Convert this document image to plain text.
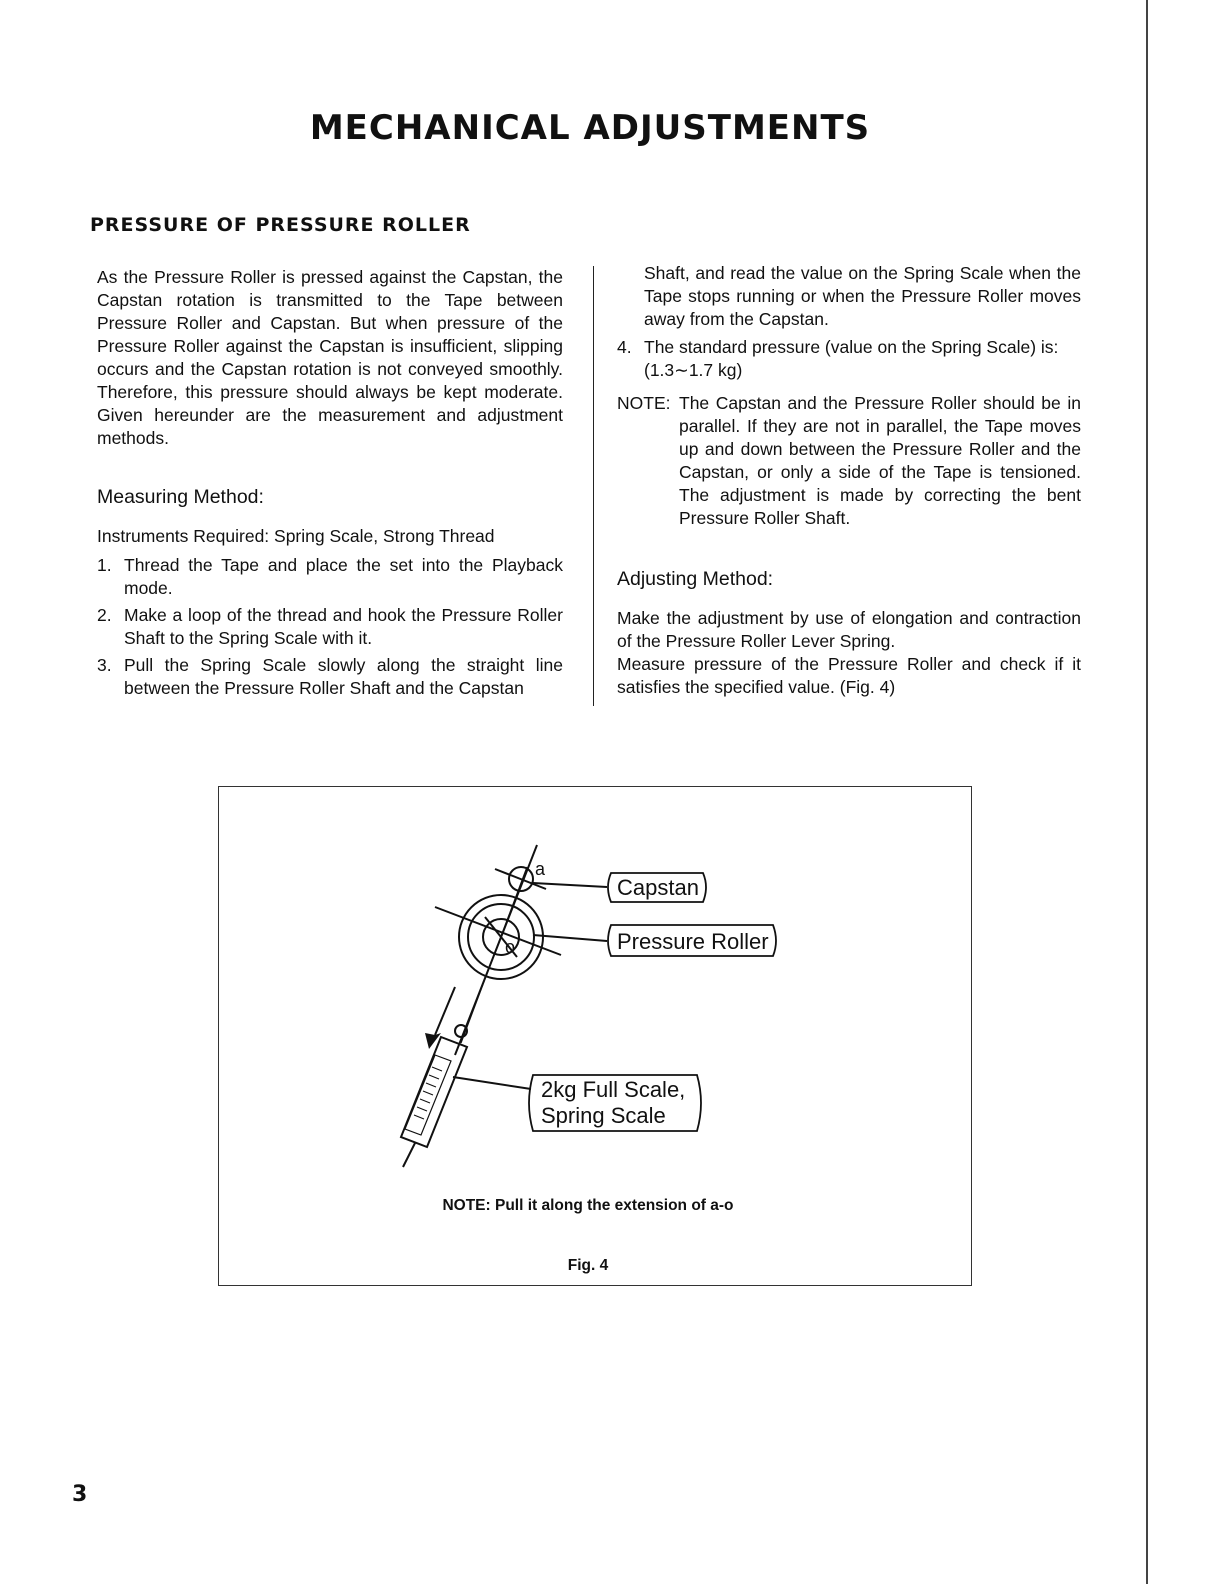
MECHANICAL ADJUSTMENTS
PRESSURE OF PRESSURE ROLLER

As the Pressure Roller is pressed against the Capstan, the Capstan rotation is transmitted to the Tape between Pressure Roller and Capstan. But when pressure of the Pressure Roller against the Capstan is insufficient, slipping occurs and the Capstan rotation is not conveyed smoothly. Therefore, this pressure should always be kept moderate. Given hereunder are the measurement and adjustment methods.

Measuring Method:

Instruments Required: Spring Scale, Strong Thread

1. Thread the Tape and place the set into the Playback mode.
2. Make a loop of the thread and hook the Pressure Roller Shaft to the Spring Scale with it.
3. Pull the Spring Scale slowly along the straight line between the Pressure Roller Shaft and the Capstan

Shaft, and read the value on the Spring Scale when the Tape stops running or when the Pressure Roller moves away from the Capstan.

4. The standard pressure (value on the Spring Scale) is: (1.3∼1.7 kg)
NOTE: The Capstan and the Pressure Roller should be in parallel. If they are not in parallel, the Tape moves up and down between the Pressure Roller and the Capstan, or only a side of the Tape is tensioned. The adjustment is made by correcting the bent Pressure Roller Shaft.
Adjusting Method:

Make the adjustment by use of elongation and contraction of the Pressure Roller Lever Spring.

Measure pressure of the Pressure Roller and check if it satisfies the specified value. (Fig. 4)

a
o
Capstan
Pressure Roller
2kg Full Scale,
Spring Scale

NOTE: Pull it along the extension of a-o

Fig. 4

3
